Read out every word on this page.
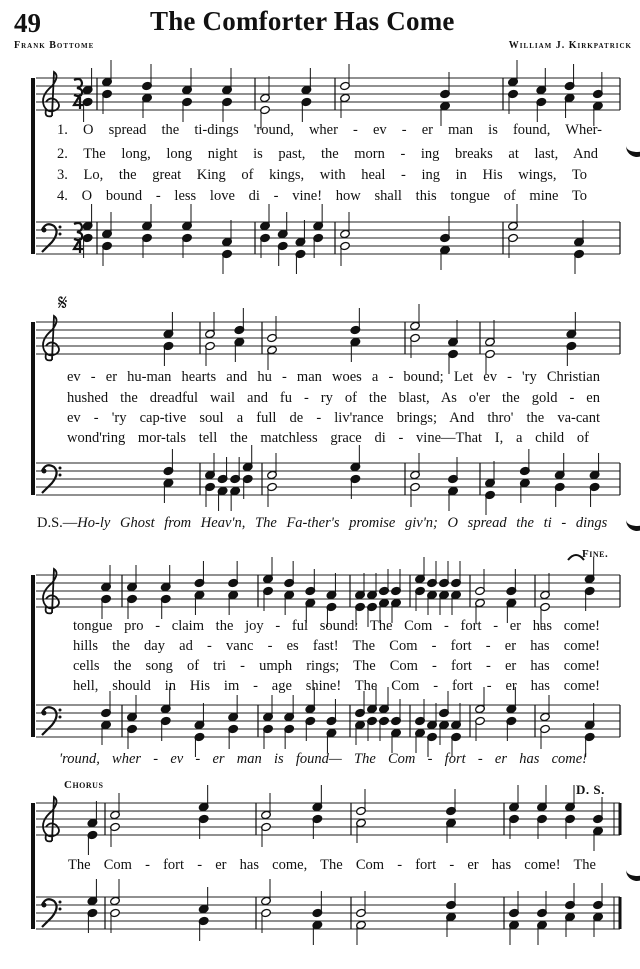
49	The Comforter Has Come
Frank Bottome	William J. Kirkpatrick
1. O spread the ti-dings 'round, wher - ev - er man is found, Wher-
2. The long, long night is past, the morn - ing breaks at last, And
3. Lo, the great King of kings, with heal - ing in His wings, To
4. O bound - less love di - vine! how shall this tongue of mine To
𝄋
ev - er hu-man hearts and hu - man woes a - bound; Let ev - 'ry Christian
hushed the dreadful wail and fu - ry of the blast, As o'er the gold - en
ev - 'ry cap-tive soul a full de - liv'rance brings; And thro' the va-cant
wond'ring mor-tals tell the matchless grace di - vine—That I, a child of
D.S.—Ho-ly Ghost from Heav'n, The Fa-ther's promise giv'n; O spread the ti - dings
Fine.
tongue pro - claim the joy - ful sound: The Com - fort - er has come!
hills the day ad - vanc - es fast! The Com - fort - er has come!
cells the song of tri - umph rings; The Com - fort - er has come!
hell, should in His im - age shine! The Com - fort - er has come!
'round, wher - ev - er man is found— The Com - fort - er has come!
Chorus	D. S.
The Com - fort - er has come, The Com - fort - er has come! The
